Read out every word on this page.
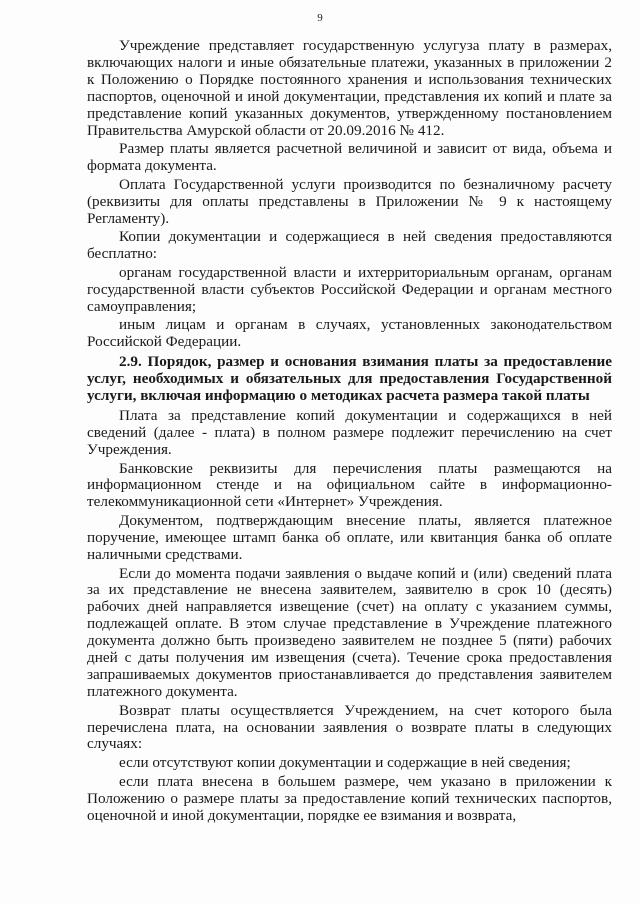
9

Учреждение представляет государственную услугуза плату в размерах, включающих налоги и иные обязательные платежи, указанных в приложении 2 к Положению о Порядке постоянного хранения и использования технических паспортов, оценочной и иной документации, представления их копий и плате за представление копий указанных документов, утвержденному постановлением Правительства Амурской области от 20.09.2016 № 412.

Размер платы является расчетной величиной и зависит от вида, объема и формата документа.

Оплата Государственной услуги производится по безналичному расчету (реквизиты для оплаты представлены в Приложении № 9 к настоящему Регламенту).

Копии документации и содержащиеся в ней сведения предоставляются бесплатно:

органам государственной власти и ихтерриториальным органам, органам государственной власти субъектов Российской Федерации и органам местного самоуправления;

иным лицам и органам в случаях, установленных законодательством Российской Федерации.

2.9. Порядок, размер и основания взимания платы за предоставление услуг, необходимых и обязательных для предоставления Государственной услуги, включая информацию о методиках расчета размера такой платы

Плата за представление копий документации и содержащихся в ней сведений (далее - плата) в полном размере подлежит перечислению на счет Учреждения.

Банковские реквизиты для перечисления платы размещаются на информационном стенде и на официальном сайте в информационно-телекоммуникационной сети «Интернет» Учреждения.

Документом, подтверждающим внесение платы, является платежное поручение, имеющее штамп банка об оплате, или квитанция банка об оплате наличными средствами.

Если до момента подачи заявления о выдаче копий и (или) сведений плата за их представление не внесена заявителем, заявителю в срок 10 (десять) рабочих дней направляется извещение (счет) на оплату с указанием суммы, подлежащей оплате. В этом случае представление в Учреждение платежного документа должно быть произведено заявителем не позднее 5 (пяти) рабочих дней с даты получения им извещения (счета). Течение срока предоставления запрашиваемых документов приостанавливается до представления заявителем платежного документа.

Возврат платы осуществляется Учреждением, на счет которого была перечислена плата, на основании заявления о возврате платы в следующих случаях:

если отсутствуют копии документации и содержащие в ней сведения;

если плата внесена в большем размере, чем указано в приложении к Положению о размере платы за предоставление копий технических паспортов, оценочной и иной документации, порядке ее взимания и возврата,
